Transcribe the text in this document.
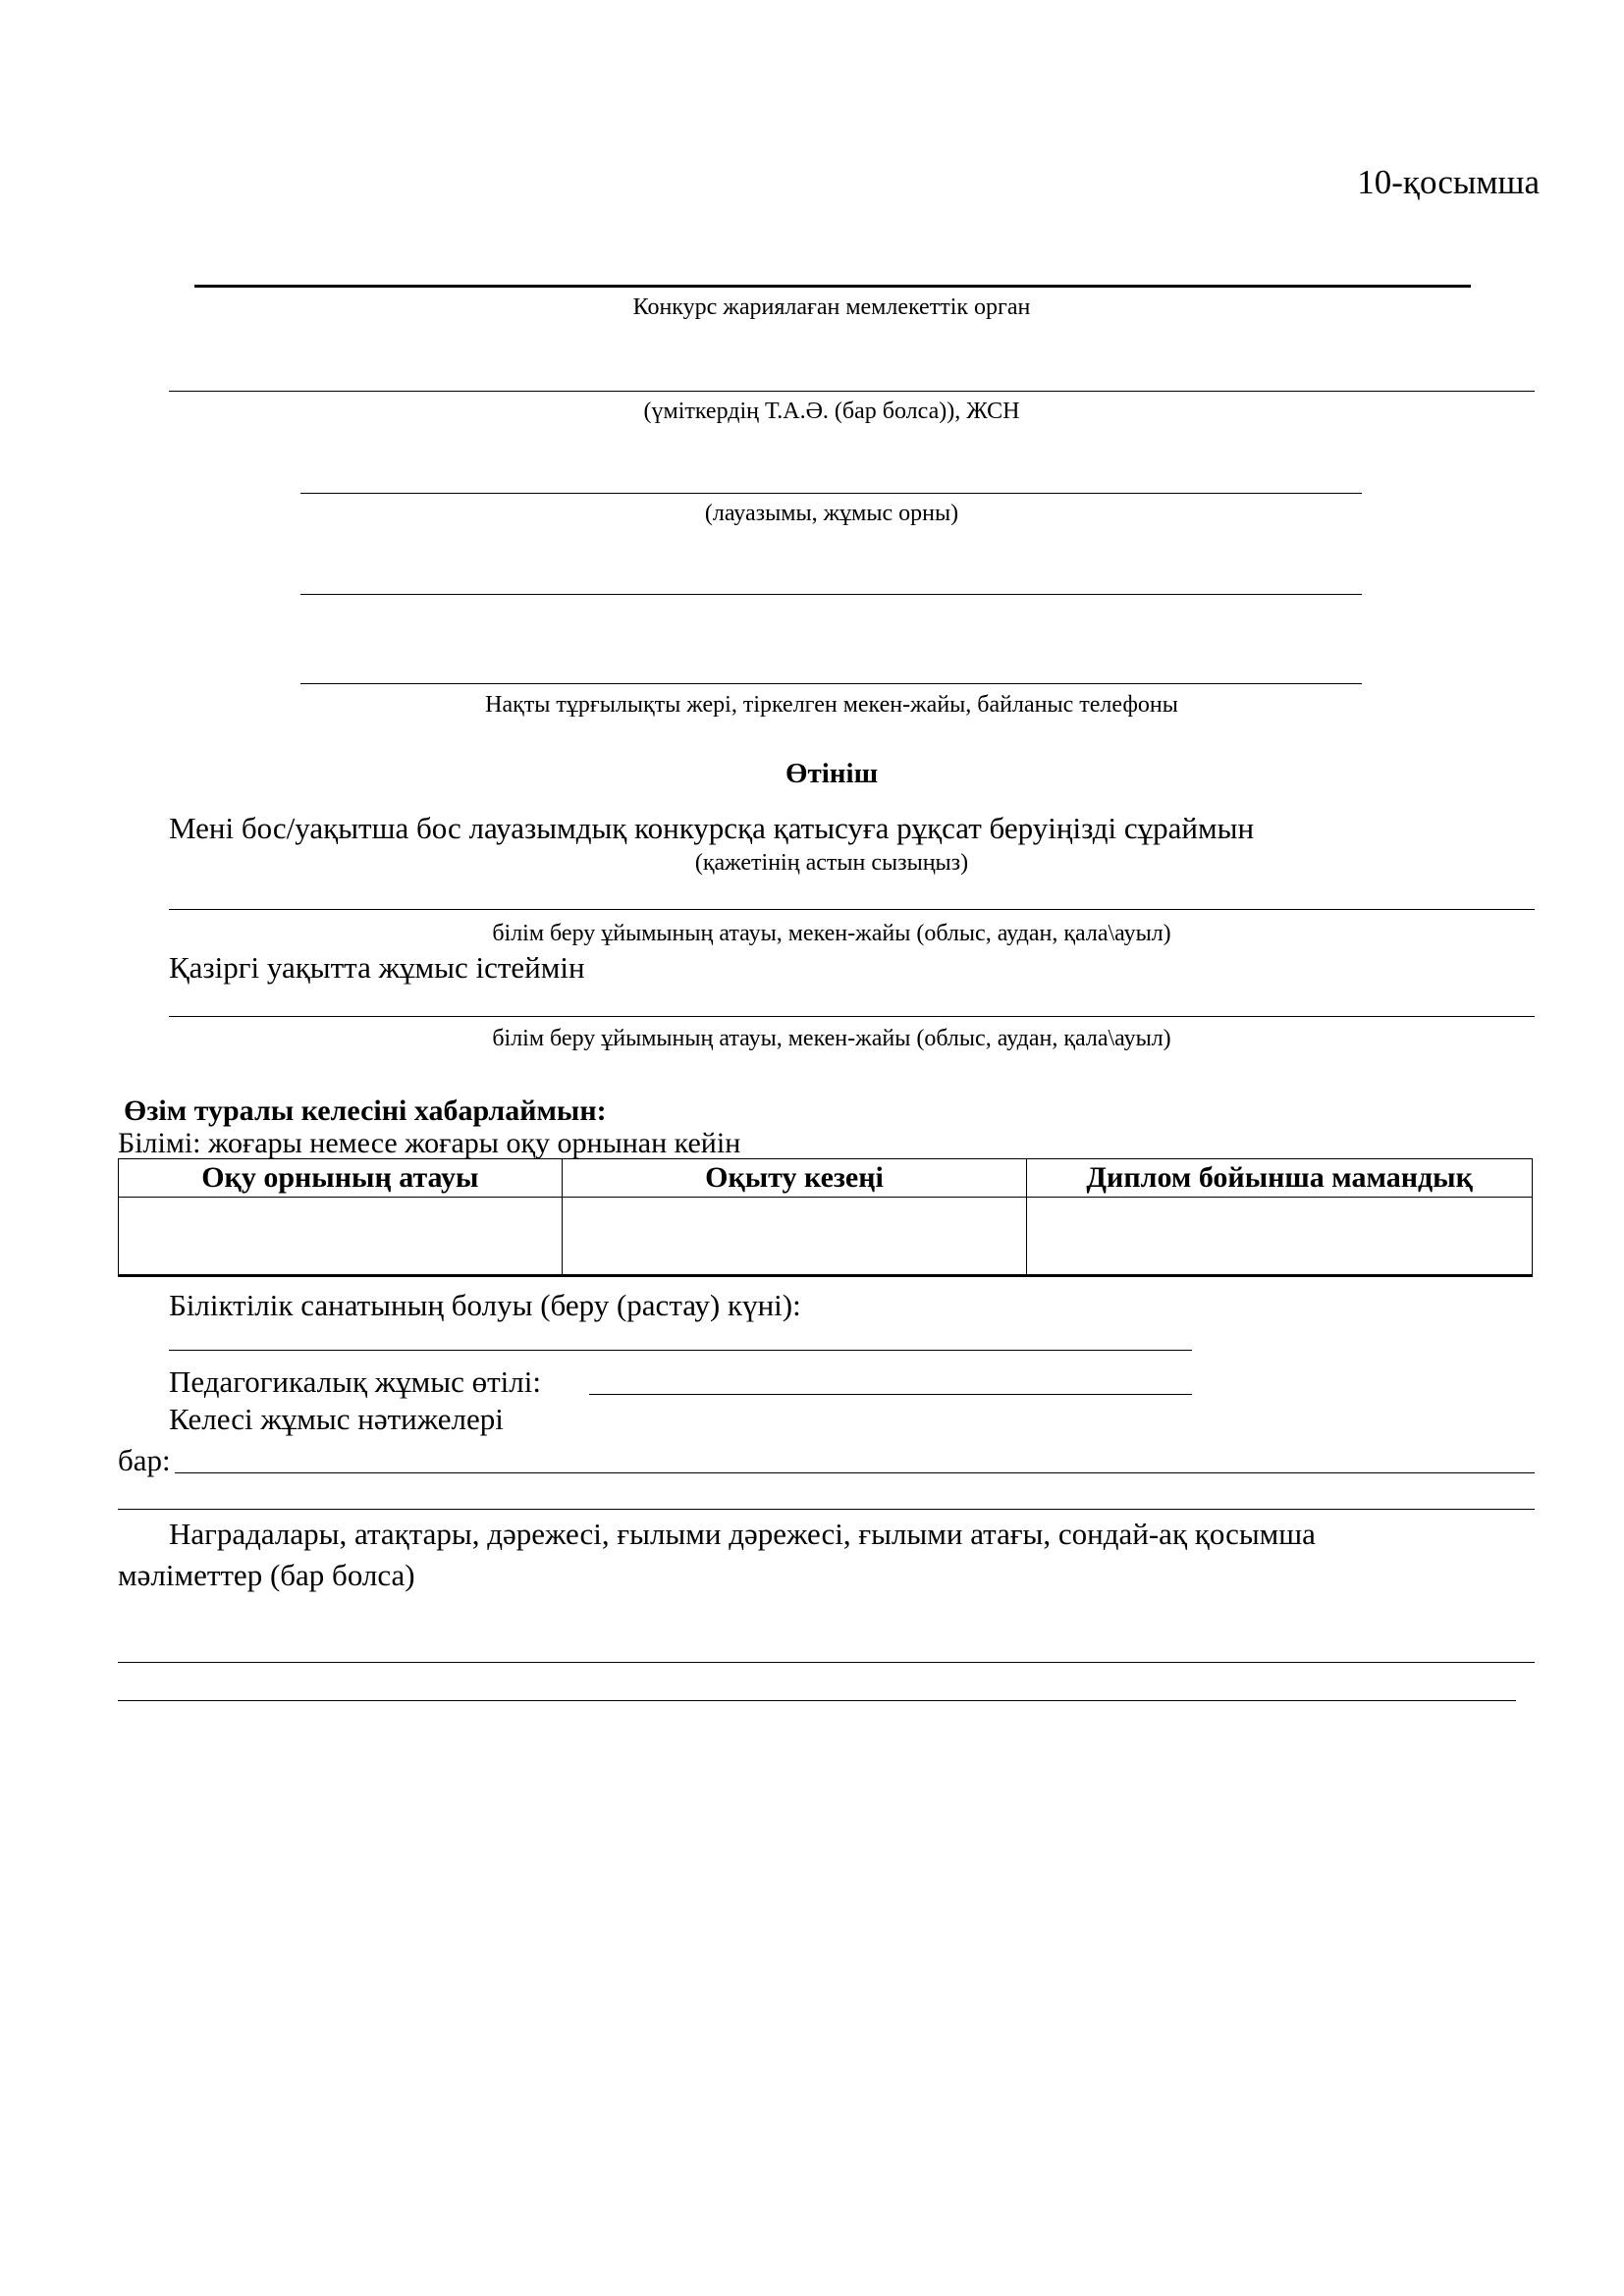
10-қосымша
Конкурс жариялаған мемлекеттік орган
(үміткердің Т.А.Ә. (бар болса)), ЖСН
(лауазымы, жұмыс орны)
Нақты тұрғылықты жері, тіркелген мекен-жайы, байланыс телефоны
Өтініш
Мені бос/уақытша бос лауазымдық конкурсқа қатысуға рұқсат беруіңізді сұраймын
(қажетінің астын сызыңыз)
білім беру ұйымының атауы, мекен-жайы (облыс, аудан, қала\ауыл)
Қазіргі уақытта жұмыс істеймін
білім беру ұйымының атауы, мекен-жайы (облыс, аудан, қала\ауыл)
Өзім туралы келесіні хабарлаймын:
Білімі: жоғары немесе жоғары оқу орнынан кейін
Оқу орнының атауы	Оқыту кезеңі	Диплом бойынша мамандық

Біліктілік санатының болуы (беру (растау) күні):
Педагогикалық жұмыс өтілі:
Келесі жұмыс нәтижелері
бар:
Наградалары, атақтары, дәрежесі, ғылыми дәрежесі, ғылыми атағы, сондай-ақ қосымша
мәліметтер (бар болса)
